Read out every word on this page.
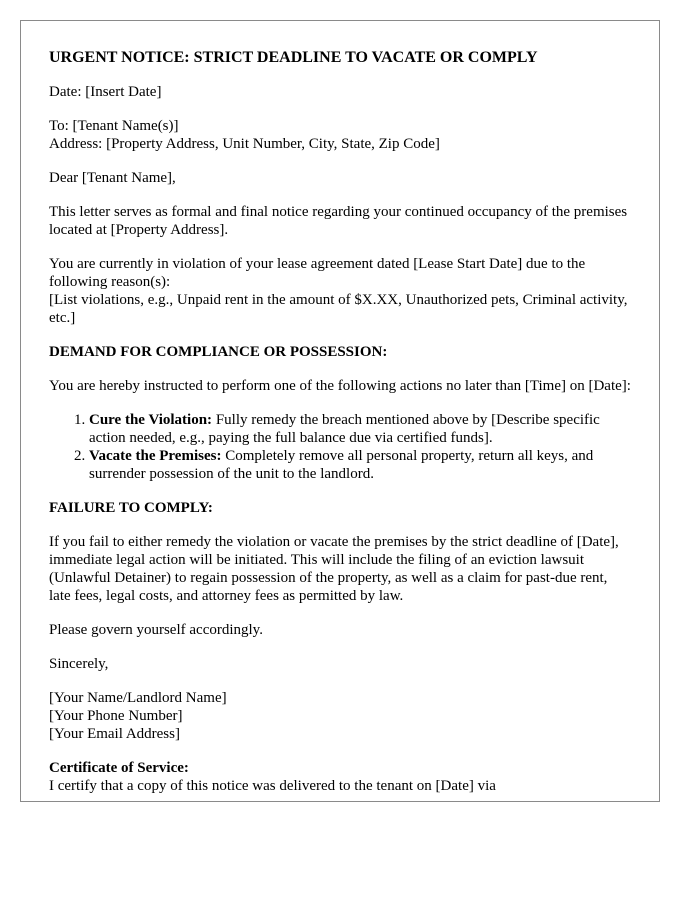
URGENT NOTICE: STRICT DEADLINE TO VACATE OR COMPLY

Date: [Insert Date]

To: [Tenant Name(s)]
Address: [Property Address, Unit Number, City, State, Zip Code]

Dear [Tenant Name],

This letter serves as formal and final notice regarding your continued occupancy of the premises located at [Property Address].

You are currently in violation of your lease agreement dated [Lease Start Date] due to the following reason(s):
[List violations, e.g., Unpaid rent in the amount of $X.XX, Unauthorized pets, Criminal activity, etc.]

DEMAND FOR COMPLIANCE OR POSSESSION:

You are hereby instructed to perform one of the following actions no later than [Time] on [Date]:

1. Cure the Violation: Fully remedy the breach mentioned above by [Describe specific action needed, e.g., paying the full balance due via certified funds].
2. Vacate the Premises: Completely remove all personal property, return all keys, and surrender possession of the unit to the landlord.
FAILURE TO COMPLY:

If you fail to either remedy the violation or vacate the premises by the strict deadline of [Date], immediate legal action will be initiated. This will include the filing of an eviction lawsuit (Unlawful Detainer) to regain possession of the property, as well as a claim for past-due rent, late fees, legal costs, and attorney fees as permitted by law.

Please govern yourself accordingly.

Sincerely,

[Your Name/Landlord Name]
[Your Phone Number]
[Your Email Address]

Certificate of Service:

I certify that a copy of this notice was delivered to the tenant on [Date] via
